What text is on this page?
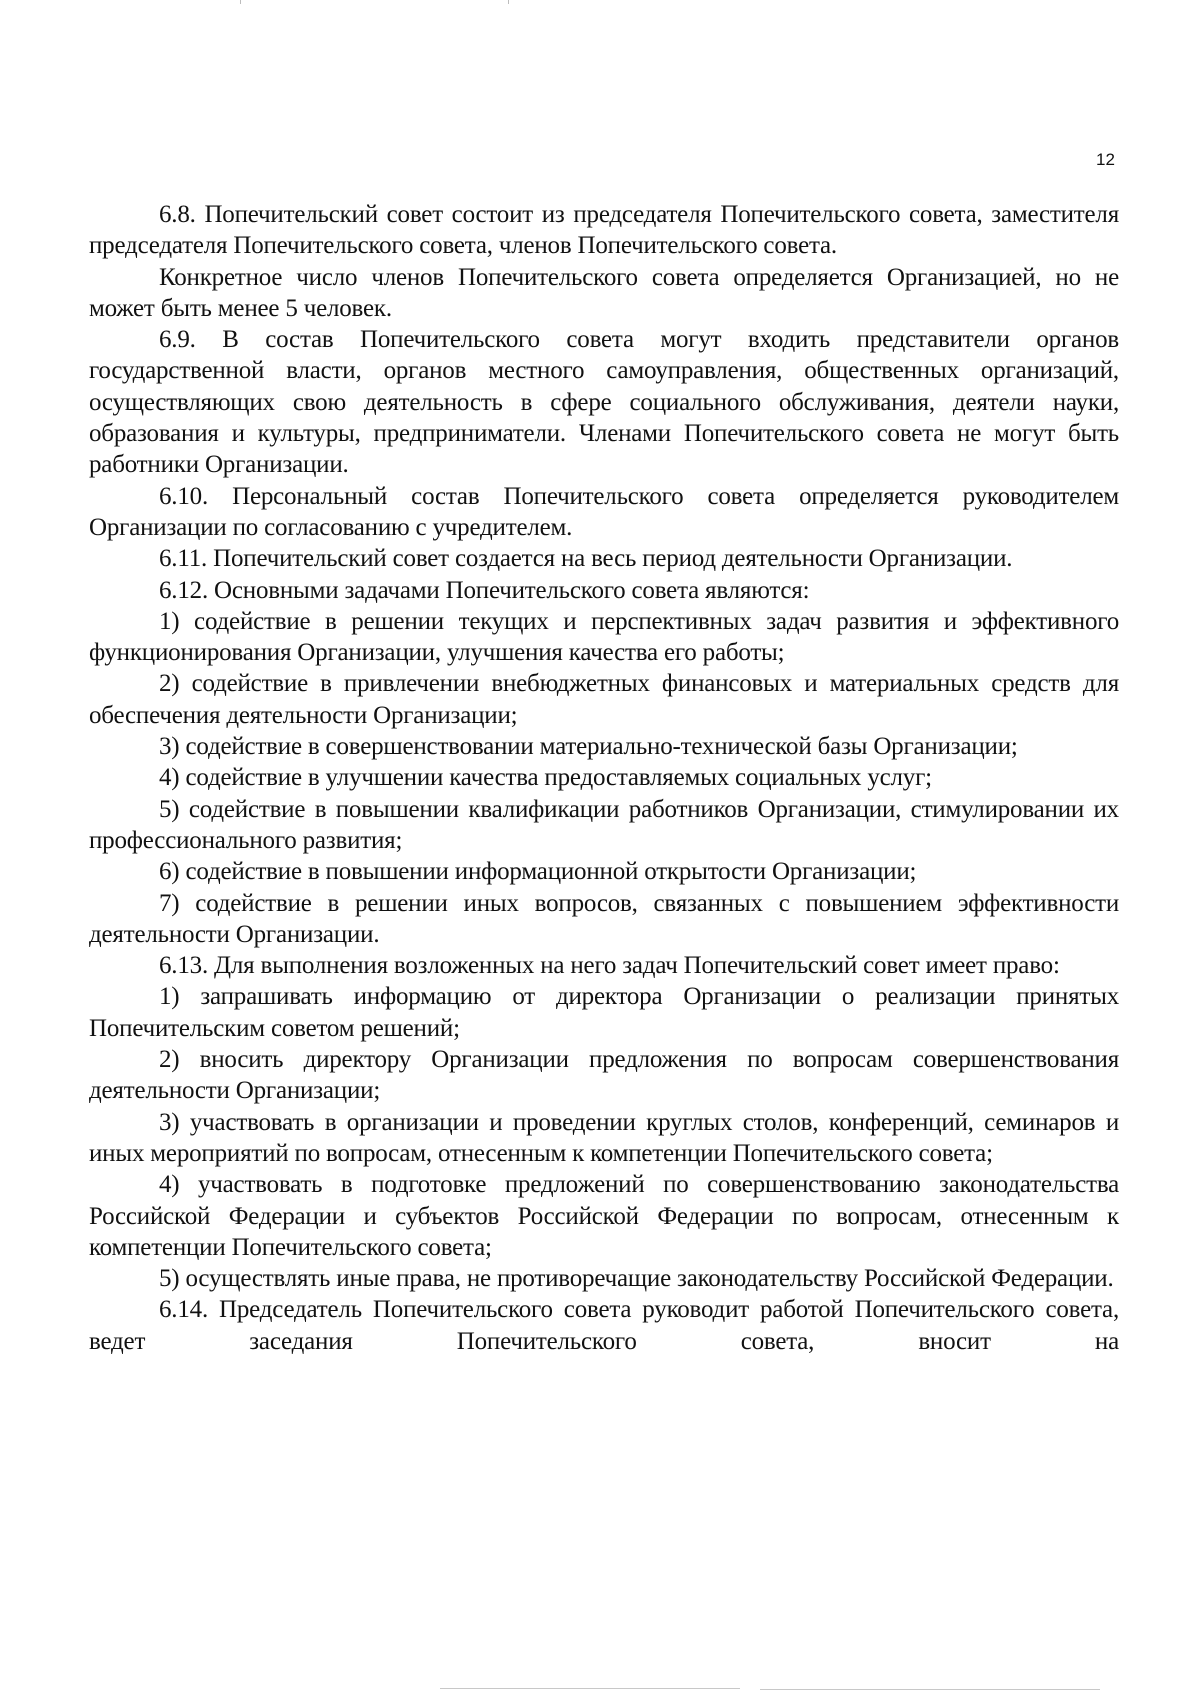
12

6.8. Попечительский совет состоит из председателя Попечительского совета, заместителя председателя Попечительского совета, членов Попечительского совета.

Конкретное число членов Попечительского совета определяется Организацией, но не может быть менее 5 человек.

6.9. В состав Попечительского совета могут входить представители органов государственной власти, органов местного самоуправления, общественных организаций, осуществляющих свою деятельность в сфере социального обслуживания, деятели науки, образования и культуры, предприниматели. Членами Попечительского совета не могут быть работники Организации.

6.10. Персональный состав Попечительского совета определяется руководителем Организации по согласованию с учредителем.

6.11. Попечительский совет создается на весь период деятельности Организации.

6.12. Основными задачами Попечительского совета являются:

1) содействие в решении текущих и перспективных задач развития и эффективного функционирования Организации, улучшения качества его работы;

2) содействие в привлечении внебюджетных финансовых и материальных средств для обеспечения деятельности Организации;

3) содействие в совершенствовании материально-технической базы Организации;

4) содействие в улучшении качества предоставляемых социальных услуг;

5) содействие в повышении квалификации работников Организации, стимулировании их профессионального развития;

6) содействие в повышении информационной открытости Организации;

7) содействие в решении иных вопросов, связанных с повышением эффективности деятельности Организации.

6.13. Для выполнения возложенных на него задач Попечительский совет имеет право:

1) запрашивать информацию от директора Организации о реализации принятых Попечительским советом решений;

2) вносить директору Организации предложения по вопросам совершенствования деятельности Организации;

3) участвовать в организации и проведении круглых столов, конференций, семинаров и иных мероприятий по вопросам, отнесенным к компетенции Попечительского совета;

4) участвовать в подготовке предложений по совершенствованию законодательства Российской Федерации и субъектов Российской Федерации по вопросам, отнесенным к компетенции Попечительского совета;

5) осуществлять иные права, не противоречащие законодательству Российской Федерации.

6.14. Председатель Попечительского совета руководит работой Попечительского совета, ведет заседания Попечительского совета, вносит на
